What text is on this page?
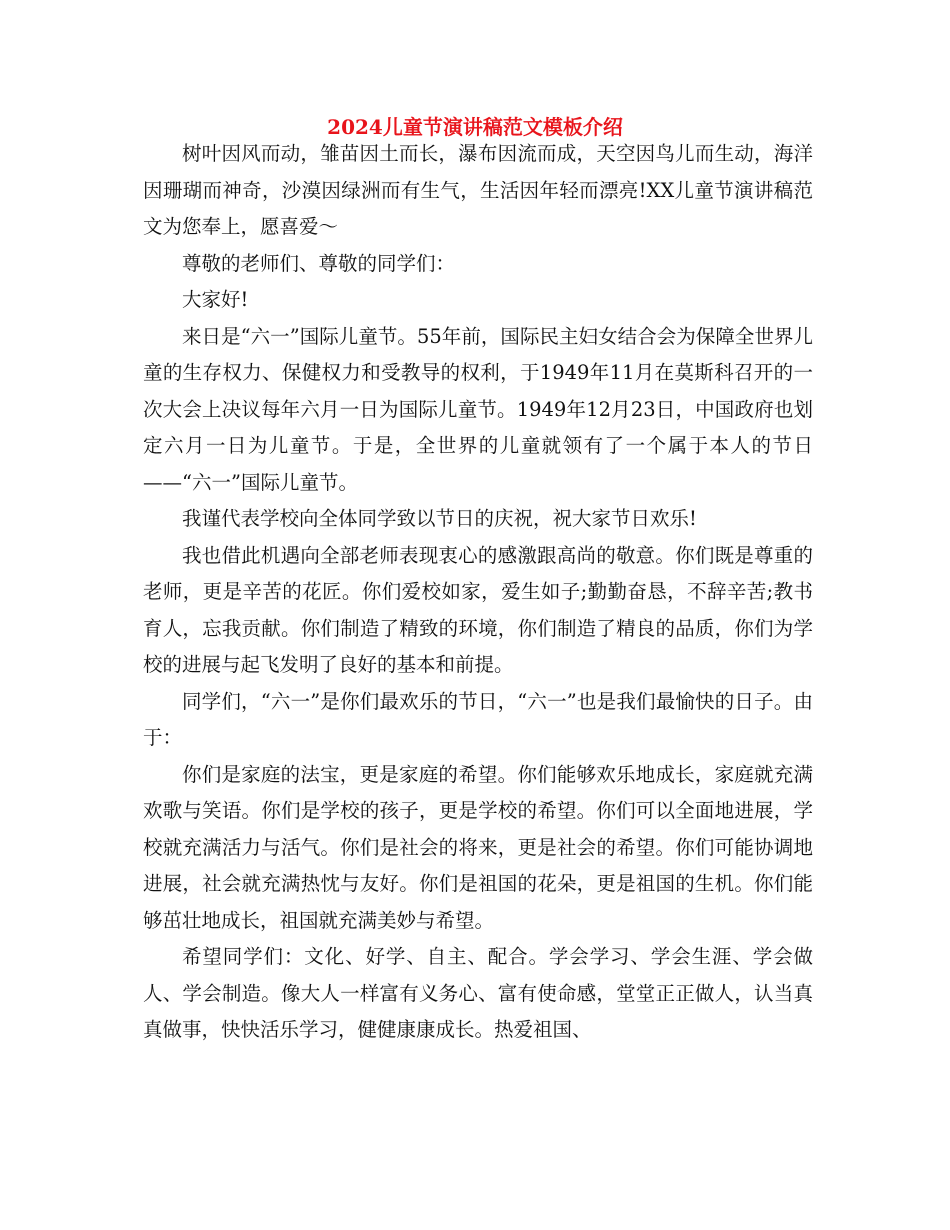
2024儿童节演讲稿范文模板介绍

树叶因风而动，雏苗因土而长，瀑布因流而成，天空因鸟儿而生动，海洋因珊瑚而神奇，沙漠因绿洲而有生气，生活因年轻而漂亮!XX儿童节演讲稿范文为您奉上，愿喜爱～

尊敬的老师们、尊敬的同学们：

大家好!

来日是“六一”国际儿童节。55年前，国际民主妇女结合会为保障全世界儿童的生存权力、保健权力和受教导的权利，于1949年11月在莫斯科召开的一次大会上决议每年六月一日为国际儿童节。1949年12月23日，中国政府也划定六月一日为儿童节。于是，全世界的儿童就领有了一个属于本人的节日——“六一”国际儿童节。

我谨代表学校向全体同学致以节日的庆祝，祝大家节日欢乐!

我也借此机遇向全部老师表现衷心的感激跟高尚的敬意。你们既是尊重的老师，更是辛苦的花匠。你们爱校如家，爱生如子;勤勤奋恳，不辞辛苦;教书育人，忘我贡献。你们制造了精致的环境，你们制造了精良的品质，你们为学校的进展与起飞发明了良好的基本和前提。

同学们，“六一”是你们最欢乐的节日，“六一”也是我们最愉快的日子。由于：

你们是家庭的法宝，更是家庭的希望。你们能够欢乐地成长，家庭就充满欢歌与笑语。你们是学校的孩子，更是学校的希望。你们可以全面地进展，学校就充满活力与活气。你们是社会的将来，更是社会的希望。你们可能协调地进展，社会就充满热忱与友好。你们是祖国的花朵，更是祖国的生机。你们能够茁壮地成长，祖国就充满美妙与希望。

希望同学们：文化、好学、自主、配合。学会学习、学会生涯、学会做人、学会制造。像大人一样富有义务心、富有使命感，堂堂正正做人，认当真真做事，快快活乐学习，健健康康成长。热爱祖国、
